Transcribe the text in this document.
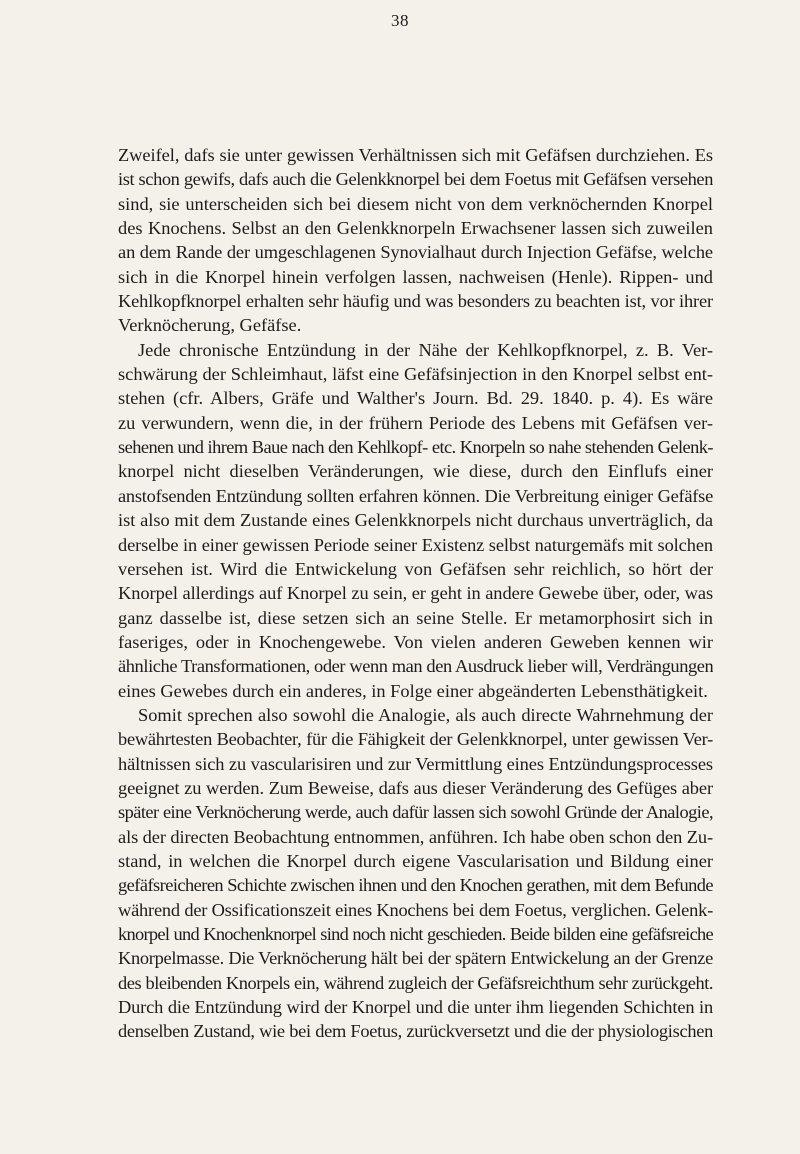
38
Zweifel, dafs sie unter gewissen Verhältnissen sich mit Gefäfsen durchziehen. Es
ist schon gewifs, dafs auch die Gelenkknorpel bei dem Foetus mit Gefäfsen versehen
sind, sie unterscheiden sich bei diesem nicht von dem verknöchernden Knorpel
des Knochens. Selbst an den Gelenkknorpeln Erwachsener lassen sich zuweilen
an dem Rande der umgeschlagenen Synovialhaut durch Injection Gefäfse, welche
sich in die Knorpel hinein verfolgen lassen, nachweisen (Henle). Rippen- und
Kehlkopfknorpel erhalten sehr häufig und was besonders zu beachten ist, vor ihrer
Verknöcherung, Gefäfse.
Jede chronische Entzündung in der Nähe der Kehlkopfknorpel, z. B. Ver-
schwärung der Schleimhaut, läfst eine Gefäfsinjection in den Knorpel selbst ent-
stehen (cfr. Albers, Gräfe und Walther's Journ. Bd. 29. 1840. p. 4). Es wäre
zu verwundern, wenn die, in der frühern Periode des Lebens mit Gefäfsen ver-
sehenen und ihrem Baue nach den Kehlkopf- etc. Knorpeln so nahe stehenden Gelenk-
knorpel nicht dieselben Veränderungen, wie diese, durch den Einflufs einer
anstofsenden Entzündung sollten erfahren können. Die Verbreitung einiger Gefäfse
ist also mit dem Zustande eines Gelenkknorpels nicht durchaus unverträglich, da
derselbe in einer gewissen Periode seiner Existenz selbst naturgemäfs mit solchen
versehen ist. Wird die Entwickelung von Gefäfsen sehr reichlich, so hört der
Knorpel allerdings auf Knorpel zu sein, er geht in andere Gewebe über, oder, was
ganz dasselbe ist, diese setzen sich an seine Stelle. Er metamorphosirt sich in
faseriges, oder in Knochengewebe. Von vielen anderen Geweben kennen wir
ähnliche Transformationen, oder wenn man den Ausdruck lieber will, Verdrängungen
eines Gewebes durch ein anderes, in Folge einer abgeänderten Lebensthätigkeit.
Somit sprechen also sowohl die Analogie, als auch directe Wahrnehmung der
bewährtesten Beobachter, für die Fähigkeit der Gelenkknorpel, unter gewissen Ver-
hältnissen sich zu vascularisiren und zur Vermittlung eines Entzündungsprocesses
geeignet zu werden. Zum Beweise, dafs aus dieser Veränderung des Gefüges aber
später eine Verknöcherung werde, auch dafür lassen sich sowohl Gründe der Analogie,
als der directen Beobachtung entnommen, anführen. Ich habe oben schon den Zu-
stand, in welchen die Knorpel durch eigene Vascularisation und Bildung einer
gefäfsreicheren Schichte zwischen ihnen und den Knochen gerathen, mit dem Befunde
während der Ossificationszeit eines Knochens bei dem Foetus, verglichen. Gelenk-
knorpel und Knochenknorpel sind noch nicht geschieden. Beide bilden eine gefäfsreiche
Knorpelmasse. Die Verknöcherung hält bei der spätern Entwickelung an der Grenze
des bleibenden Knorpels ein, während zugleich der Gefäfsreichthum sehr zurückgeht.
Durch die Entzündung wird der Knorpel und die unter ihm liegenden Schichten in
denselben Zustand, wie bei dem Foetus, zurückversetzt und die der physiologischen
